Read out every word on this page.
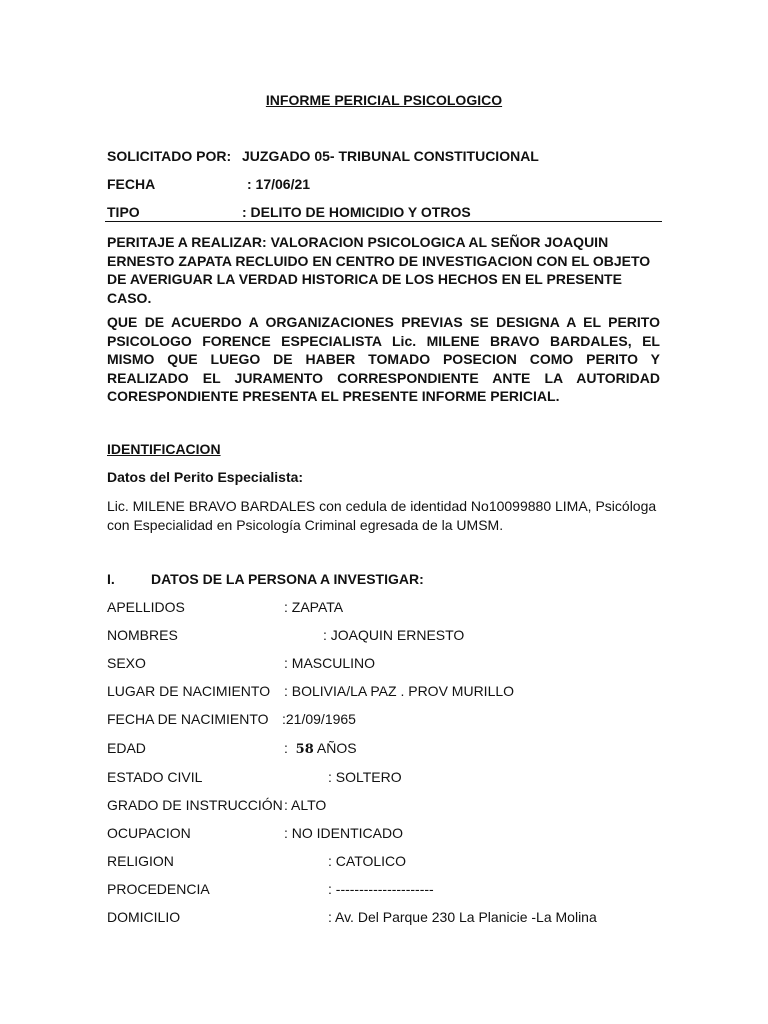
INFORME PERICIAL PSICOLOGICO
SOLICITADO POR: JUZGADO 05- TRIBUNAL CONSTITUCIONAL
FECHA	: 17/06/21
TIPO	: DELITO DE HOMICIDIO Y OTROS
PERITAJE A REALIZAR: VALORACION PSICOLOGICA AL SEÑOR JOAQUIN
ERNESTO ZAPATA RECLUIDO EN CENTRO DE INVESTIGACION CON EL OBJETO
DE AVERIGUAR LA VERDAD HISTORICA DE LOS HECHOS EN EL PRESENTE
CASO.
QUE DE ACUERDO A ORGANIZACIONES PREVIAS SE DESIGNA A EL PERITO PSICOLOGO FORENCE ESPECIALISTA Lic. MILENE BRAVO BARDALES, EL MISMO QUE LUEGO DE HABER TOMADO POSECION COMO PERITO Y REALIZADO EL JURAMENTO CORRESPONDIENTE ANTE LA AUTORIDAD CORESPONDIENTE PRESENTA EL PRESENTE INFORME PERICIAL.
IDENTIFICACION
Datos del Perito Especialista:
Lic. MILENE BRAVO BARDALES con cedula de identidad No10099880 LIMA, Psicóloga
con Especialidad en Psicología Criminal egresada de la UMSM.
I.	DATOS DE LA PERSONA A INVESTIGAR:
APELLIDOS	: ZAPATA
NOMBRES	: JOAQUIN ERNESTO
SEXO	: MASCULINO
LUGAR DE NACIMIENTO : BOLIVIA/LA PAZ . PROV MURILLO
FECHA DE NACIMIENTO :21/09/1965
EDAD	: 58 AÑOS
ESTADO CIVIL	: SOLTERO
GRADO DE INSTRUCCIÓN : ALTO
OCUPACION	: NO IDENTICADO
RELIGION	: CATOLICO
PROCEDENCIA	: ---------------------
DOMICILIO	: Av. Del Parque 230 La Planicie -La Molina
